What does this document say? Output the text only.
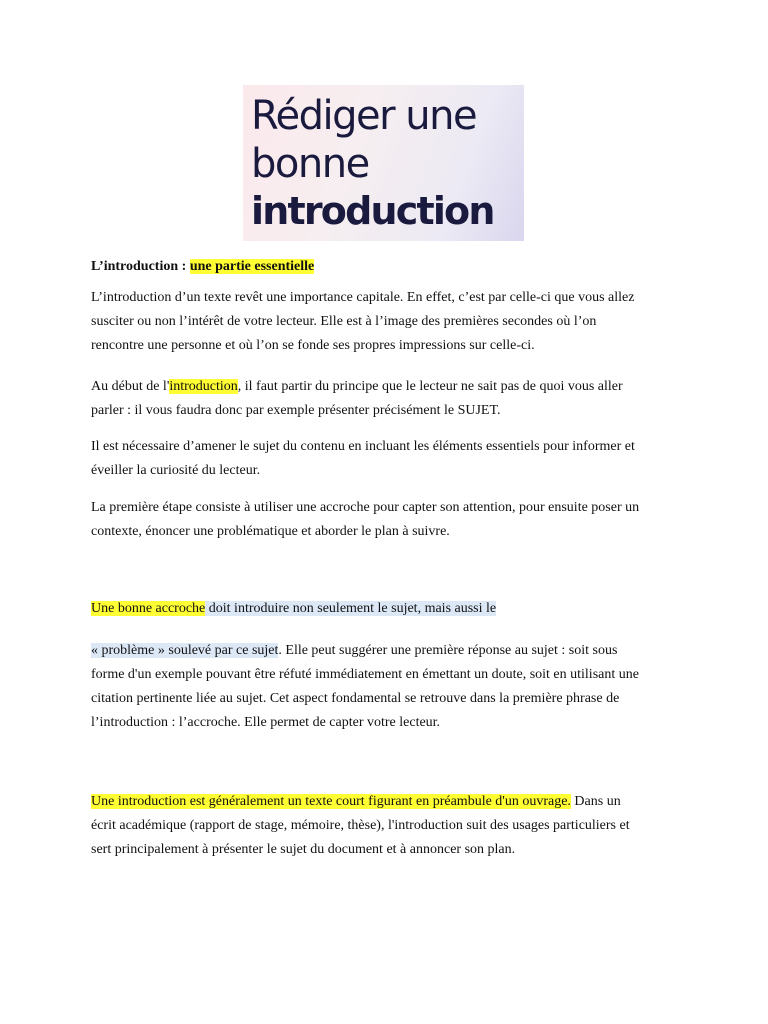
Rédiger une
bonne
introduction

L’introduction : une partie essentielle

L’introduction d’un texte revêt une importance capitale. En effet, c’est par celle-ci que vous allez
susciter ou non l’intérêt de votre lecteur. Elle est à l’image des premières secondes où l’on
rencontre une personne et où l’on se fonde ses propres impressions sur celle-ci.
Au début de l'introduction, il faut partir du principe que le lecteur ne sait pas de quoi vous aller
parler : il vous faudra donc par exemple présenter précisément le SUJET.
Il est nécessaire d’amener le sujet du contenu en incluant les éléments essentiels pour informer et
éveiller la curiosité du lecteur.
La première étape consiste à utiliser une accroche pour capter son attention, pour ensuite poser un
contexte, énoncer une problématique et aborder le plan à suivre.
Une bonne accroche doit introduire non seulement le sujet, mais aussi le
« problème » soulevé par ce sujet. Elle peut suggérer une première réponse au sujet : soit sous
forme d'un exemple pouvant être réfuté immédiatement en émettant un doute, soit en utilisant une
citation pertinente liée au sujet. Cet aspect fondamental se retrouve dans la première phrase de
l’introduction : l’accroche. Elle permet de capter votre lecteur.
Une introduction est généralement un texte court figurant en préambule d'un ouvrage. Dans un
écrit académique (rapport de stage, mémoire, thèse), l'introduction suit des usages particuliers et
sert principalement à présenter le sujet du document et à annoncer son plan.
